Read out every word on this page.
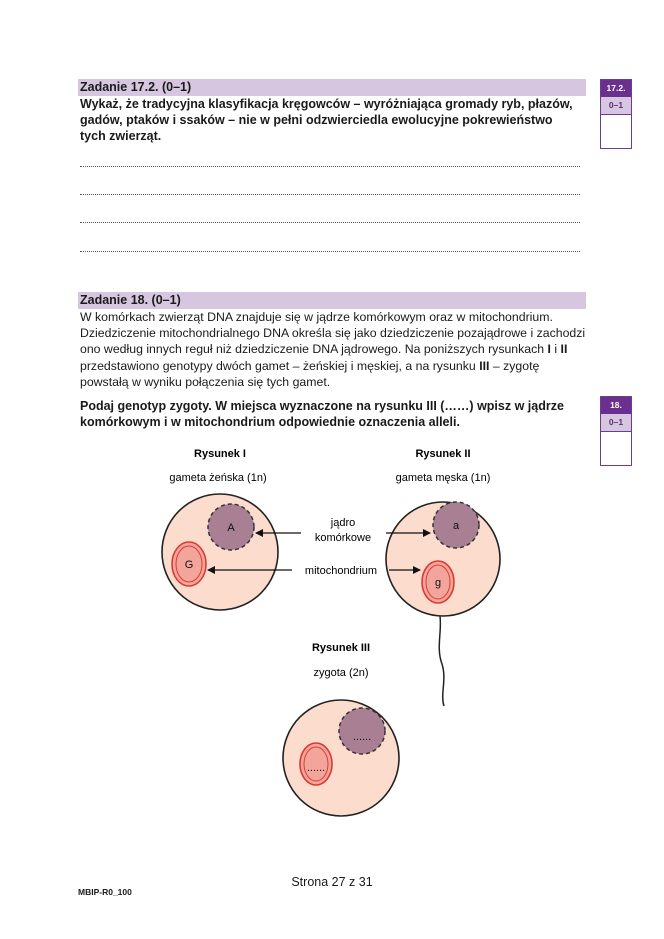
Zadanie 17.2. (0–1)
Wykaż, że tradycyjna klasyfikacja kręgowców – wyróżniająca gromady ryb, płazów, gadów, ptaków i ssaków – nie w pełni odzwierciedla ewolucyjne pokrewieństwo tych zwierząt.
17.2.
0–1
Zadanie 18. (0–1)
W komórkach zwierząt DNA znajduje się w jądrze komórkowym oraz w mitochondrium. Dziedziczenie mitochondrialnego DNA określa się jako dziedziczenie pozajądrowe i zachodzi ono według innych reguł niż dziedziczenie DNA jądrowego. Na poniższych rysunkach I i II przedstawiono genotypy dwóch gamet – żeńskiej i męskiej, a na rysunku III – zygotę powstałą w wyniku połączenia się tych gamet.
Podaj genotyp zygoty. W miejsca wyznaczone na rysunku III (……) wpisz w jądrze komórkowym i w mitochondrium odpowiednie oznaczenia alleli.
18.
0–1
Rysunek I
gameta żeńska (1n)
Rysunek II
gameta męska (1n)
A
G
a
g
jądro
komórkowe
mitochondrium
Rysunek III
zygota (2n)
......
......
Strona 27 z 31
MBIP-R0_100
